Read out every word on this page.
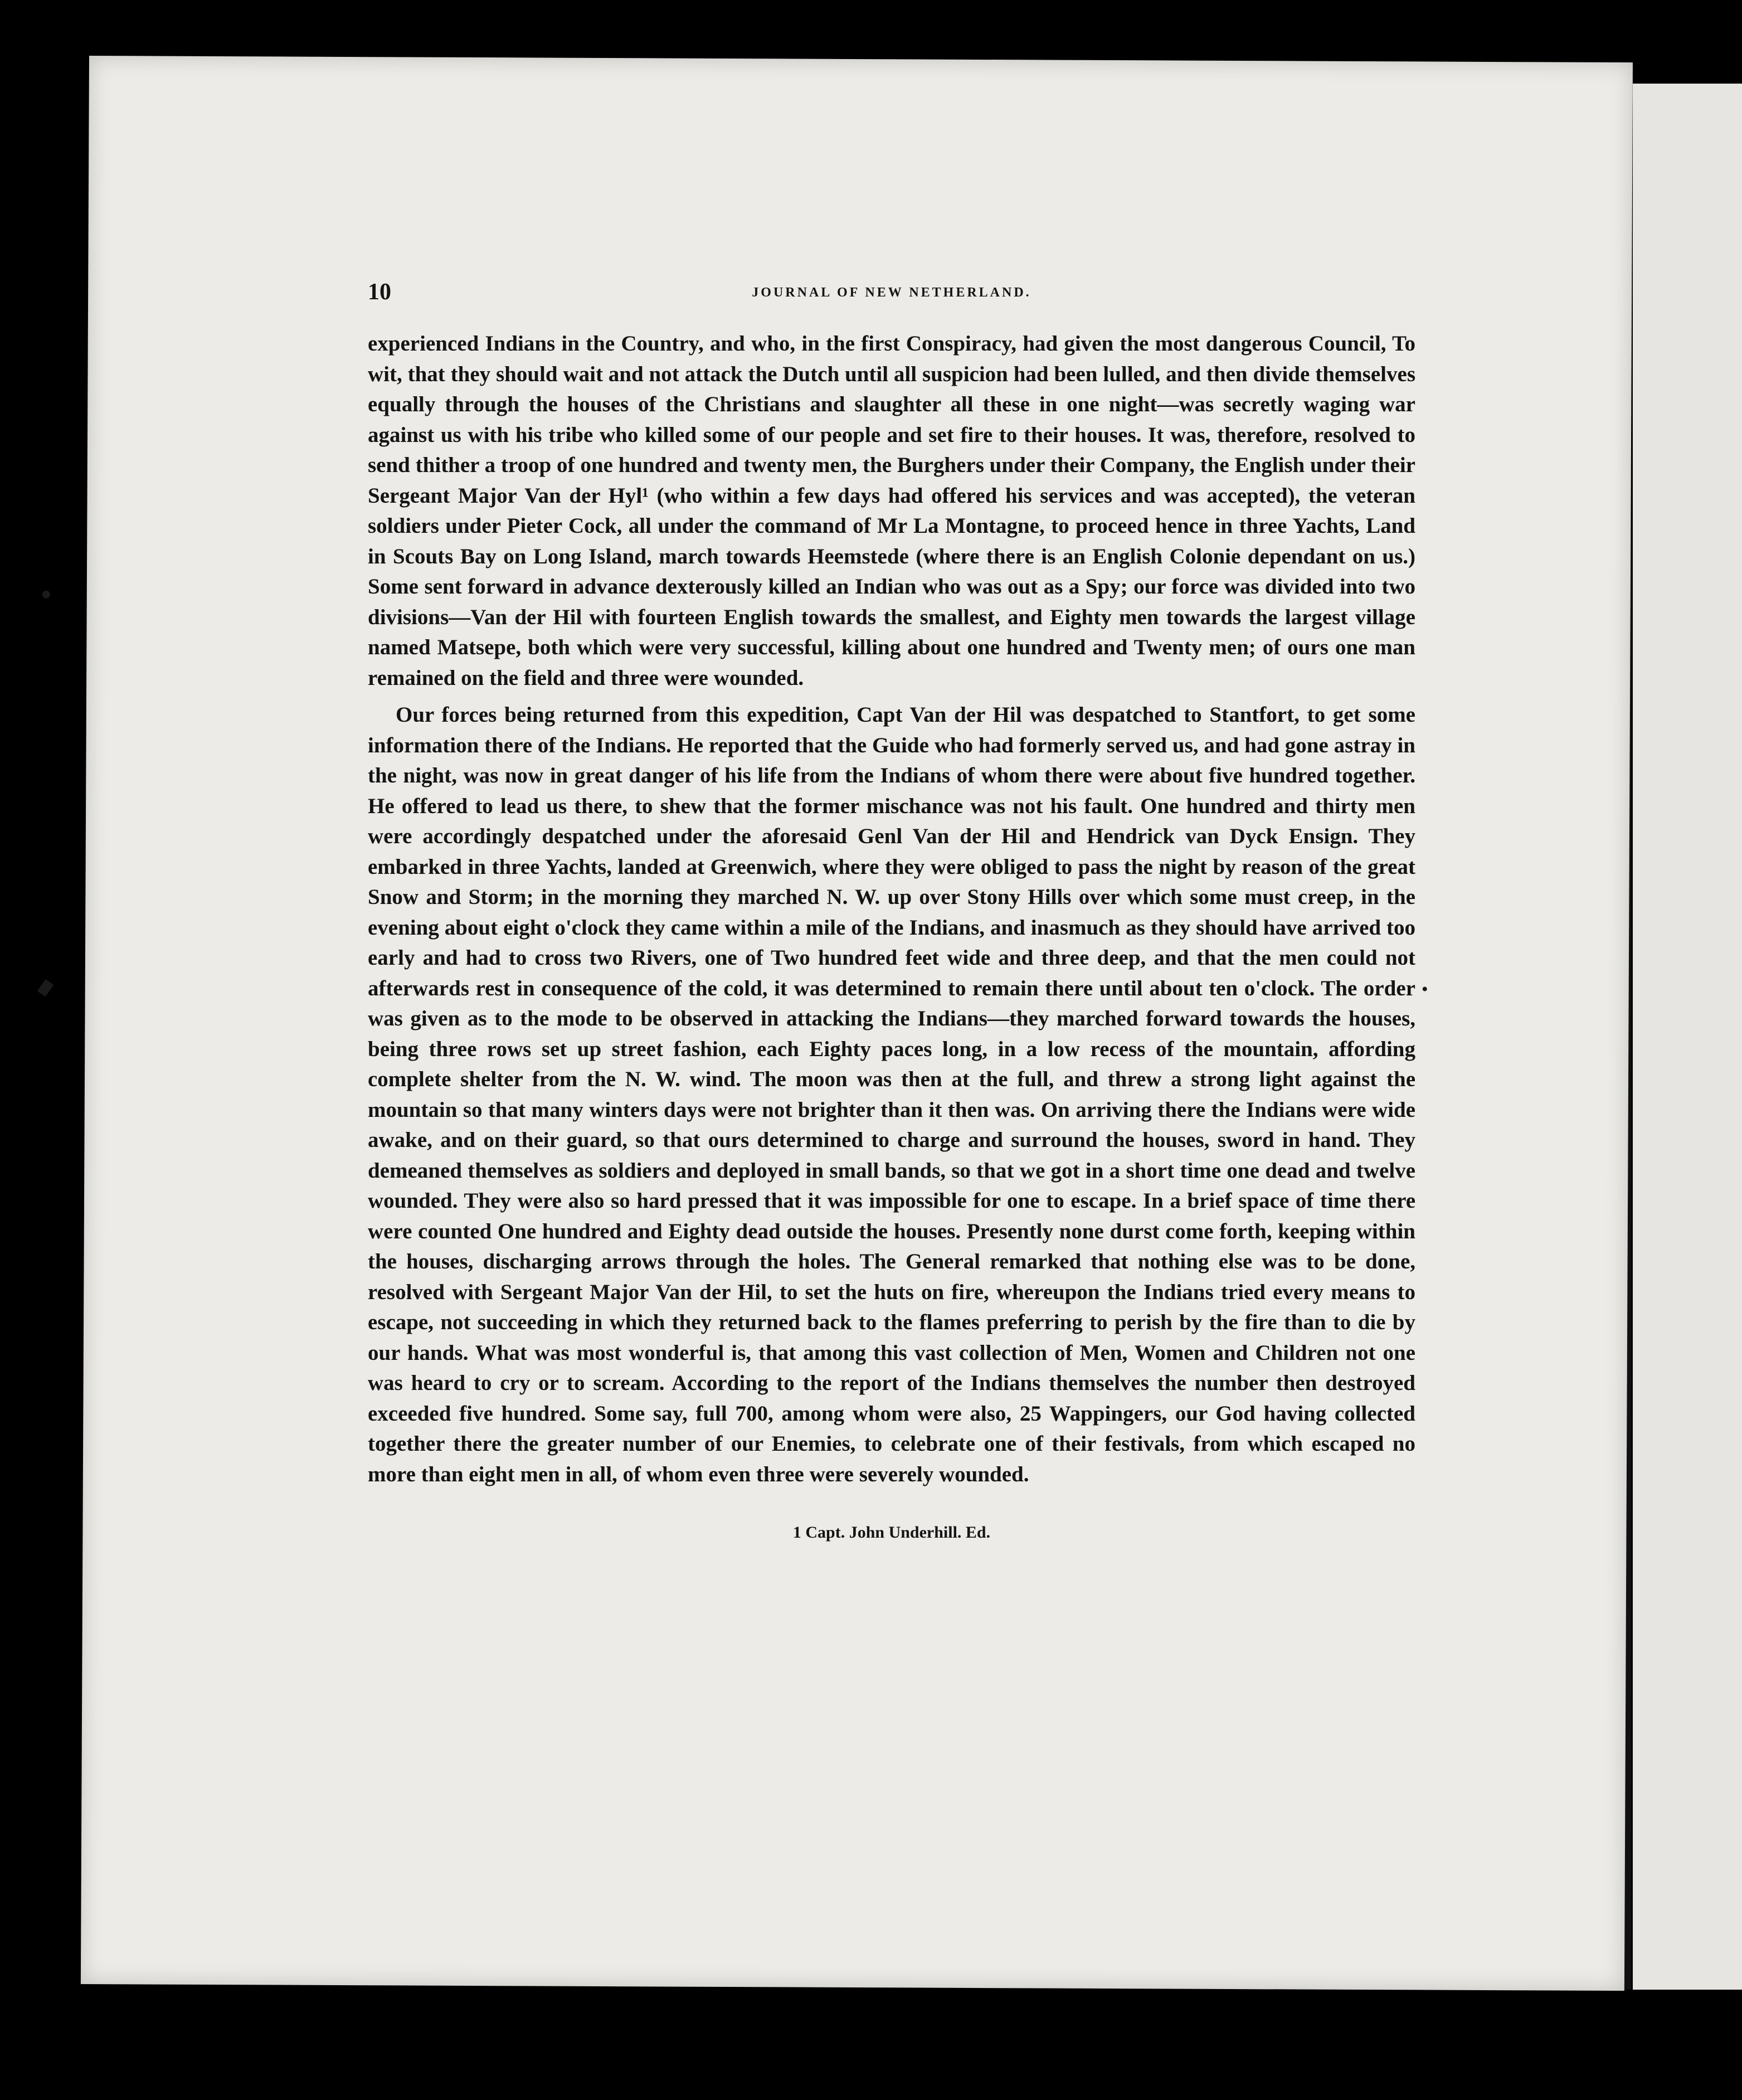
10	JOURNAL OF NEW NETHERLAND.

experienced Indians in the Country, and who, in the first Conspiracy, had given the most dangerous Council, To wit, that they should wait and not attack the Dutch until all suspicion had been lulled, and then divide themselves equally through the houses of the Christians and slaughter all these in one night—was secretly waging war against us with his tribe who killed some of our people and set fire to their houses. It was, therefore, resolved to send thither a troop of one hundred and twenty men, the Burghers under their Company, the English under their Sergeant Major Van der Hyl¹ (who within a few days had offered his services and was accepted), the veteran soldiers under Pieter Cock, all under the command of Mr La Montagne, to proceed hence in three Yachts, Land in Scouts Bay on Long Island, march towards Heemstede (where there is an English Colonie dependant on us.) Some sent forward in advance dexterously killed an Indian who was out as a Spy; our force was divided into two divisions—Van der Hil with fourteen English towards the smallest, and Eighty men towards the largest village named Matsepe, both which were very successful, killing about one hundred and Twenty men; of ours one man remained on the field and three were wounded.

Our forces being returned from this expedition, Capt Van der Hil was despatched to Stantfort, to get some information there of the Indians. He reported that the Guide who had formerly served us, and had gone astray in the night, was now in great danger of his life from the Indians of whom there were about five hundred together. He offered to lead us there, to shew that the former mischance was not his fault. One hundred and thirty men were accordingly despatched under the aforesaid Genl Van der Hil and Hendrick van Dyck Ensign. They embarked in three Yachts, landed at Greenwich, where they were obliged to pass the night by reason of the great Snow and Storm; in the morning they marched N. W. up over Stony Hills over which some must creep, in the evening about eight o'clock they came within a mile of the Indians, and inasmuch as they should have arrived too early and had to cross two Rivers, one of Two hundred feet wide and three deep, and that the men could not afterwards rest in consequence of the cold, it was determined to remain there until about ten o'clock. The order was given as to the mode to be observed in attacking the Indians—they marched forward towards the houses, being three rows set up street fashion, each Eighty paces long, in a low recess of the mountain, affording complete shelter from the N. W. wind. The moon was then at the full, and threw a strong light against the mountain so that many winters days were not brighter than it then was. On arriving there the Indians were wide awake, and on their guard, so that ours determined to charge and surround the houses, sword in hand. They demeaned themselves as soldiers and deployed in small bands, so that we got in a short time one dead and twelve wounded. They were also so hard pressed that it was impossible for one to escape. In a brief space of time there were counted One hundred and Eighty dead outside the houses. Presently none durst come forth, keeping within the houses, discharging arrows through the holes. The General remarked that nothing else was to be done, resolved with Sergeant Major Van der Hil, to set the huts on fire, whereupon the Indians tried every means to escape, not succeeding in which they returned back to the flames preferring to perish by the fire than to die by our hands. What was most wonderful is, that among this vast collection of Men, Women and Children not one was heard to cry or to scream. According to the report of the Indians themselves the number then destroyed exceeded five hundred. Some say, full 700, among whom were also, 25 Wappingers, our God having collected together there the greater number of our Enemies, to celebrate one of their festivals, from which escaped no more than eight men in all, of whom even three were severely wounded.

1 Capt. John Underhill. Ed.
